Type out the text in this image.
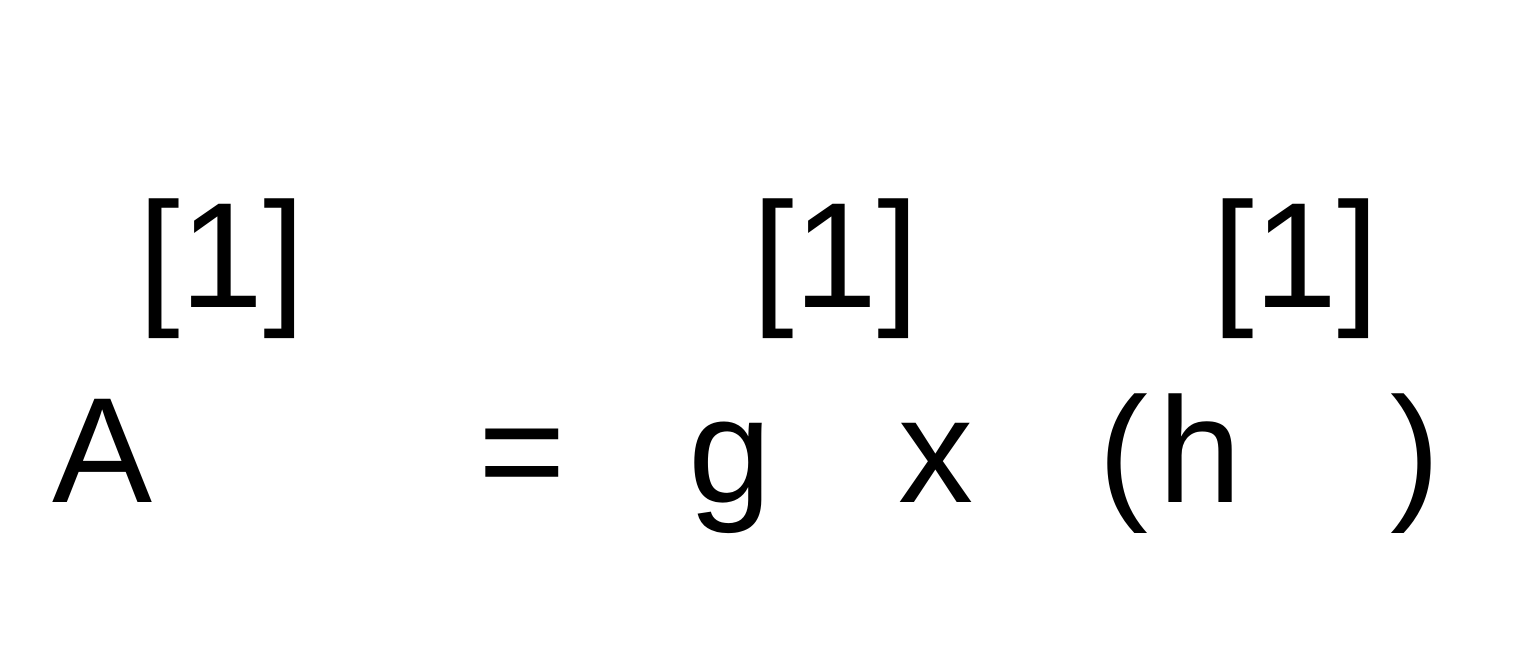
[1]	[1] [1]
A = g x ( h )
